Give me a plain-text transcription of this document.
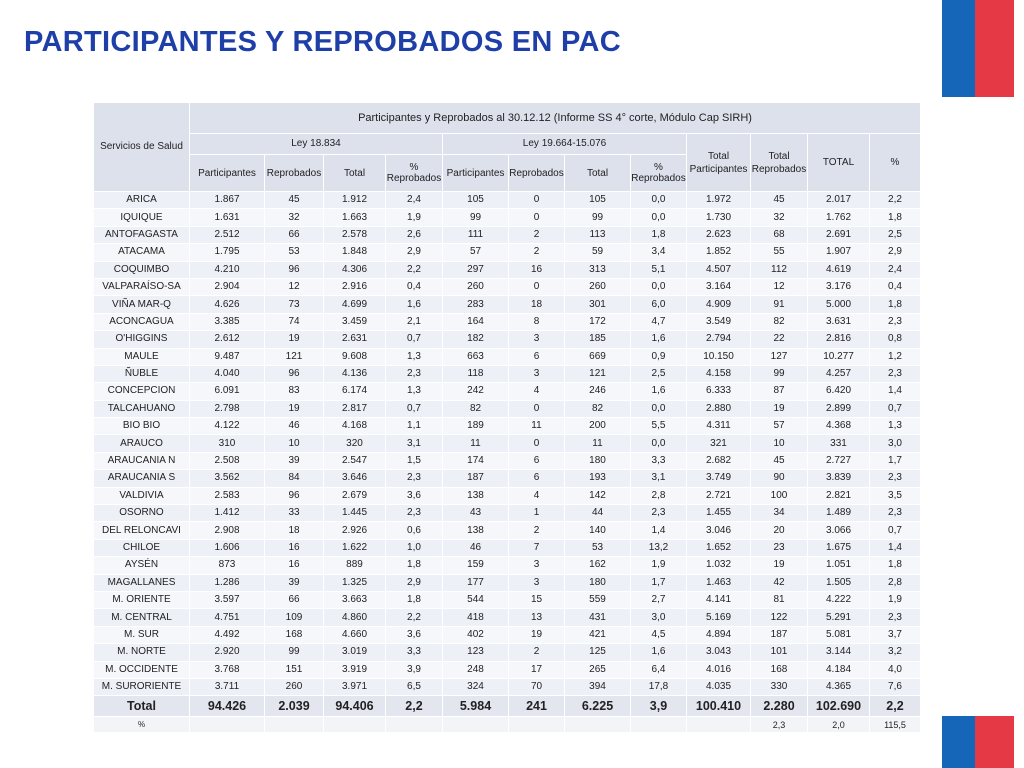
PARTICIPANTES Y REPROBADOS EN PAC
Servicios de Salud	Participantes y Reprobados al 30.12.12 (Informe SS 4° corte, Módulo Cap SIRH)											
	Ley 18.834				Ley 19.664-15.076				Total Participantes	Total Reprobados	TOTAL	%
	Participantes	Reprobados	Total	% Reprobados	Participantes	Reprobados	Total	% Reprobados				
ARICA	1.867	45	1.912	2,4	105	0	105	0,0	1.972	45	2.017	2,2
IQUIQUE	1.631	32	1.663	1,9	99	0	99	0,0	1.730	32	1.762	1,8
ANTOFAGASTA	2.512	66	2.578	2,6	111	2	113	1,8	2.623	68	2.691	2,5
ATACAMA	1.795	53	1.848	2,9	57	2	59	3,4	1.852	55	1.907	2,9
COQUIMBO	4.210	96	4.306	2,2	297	16	313	5,1	4.507	112	4.619	2,4
VALPARAÍSO-SA	2.904	12	2.916	0,4	260	0	260	0,0	3.164	12	3.176	0,4
VIÑA MAR-Q	4.626	73	4.699	1,6	283	18	301	6,0	4.909	91	5.000	1,8
ACONCAGUA	3.385	74	3.459	2,1	164	8	172	4,7	3.549	82	3.631	2,3
O'HIGGINS	2.612	19	2.631	0,7	182	3	185	1,6	2.794	22	2.816	0,8
MAULE	9.487	121	9.608	1,3	663	6	669	0,9	10.150	127	10.277	1,2
ÑUBLE	4.040	96	4.136	2,3	118	3	121	2,5	4.158	99	4.257	2,3
CONCEPCION	6.091	83	6.174	1,3	242	4	246	1,6	6.333	87	6.420	1,4
TALCAHUANO	2.798	19	2.817	0,7	82	0	82	0,0	2.880	19	2.899	0,7
BIO BIO	4.122	46	4.168	1,1	189	11	200	5,5	4.311	57	4.368	1,3
ARAUCO	310	10	320	3,1	11	0	11	0,0	321	10	331	3,0
ARAUCANIA N	2.508	39	2.547	1,5	174	6	180	3,3	2.682	45	2.727	1,7
ARAUCANIA S	3.562	84	3.646	2,3	187	6	193	3,1	3.749	90	3.839	2,3
VALDIVIA	2.583	96	2.679	3,6	138	4	142	2,8	2.721	100	2.821	3,5
OSORNO	1.412	33	1.445	2,3	43	1	44	2,3	1.455	34	1.489	2,3
DEL RELONCAVI	2.908	18	2.926	0,6	138	2	140	1,4	3.046	20	3.066	0,7
CHILOE	1.606	16	1.622	1,0	46	7	53	13,2	1.652	23	1.675	1,4
AYSÉN	873	16	889	1,8	159	3	162	1,9	1.032	19	1.051	1,8
MAGALLANES	1.286	39	1.325	2,9	177	3	180	1,7	1.463	42	1.505	2,8
M. ORIENTE	3.597	66	3.663	1,8	544	15	559	2,7	4.141	81	4.222	1,9
M. CENTRAL	4.751	109	4.860	2,2	418	13	431	3,0	5.169	122	5.291	2,3
M. SUR	4.492	168	4.660	3,6	402	19	421	4,5	4.894	187	5.081	3,7
M. NORTE	2.920	99	3.019	3,3	123	2	125	1,6	3.043	101	3.144	3,2
M. OCCIDENTE	3.768	151	3.919	3,9	248	17	265	6,4	4.016	168	4.184	4,0
M. SURORIENTE	3.711	260	3.971	6,5	324	70	394	17,8	4.035	330	4.365	7,6
Total	94.426	2.039	94.406	2,2	5.984	241	6.225	3,9	100.410	2.280	102.690	2,2
%										2,3	2,0	115,5
